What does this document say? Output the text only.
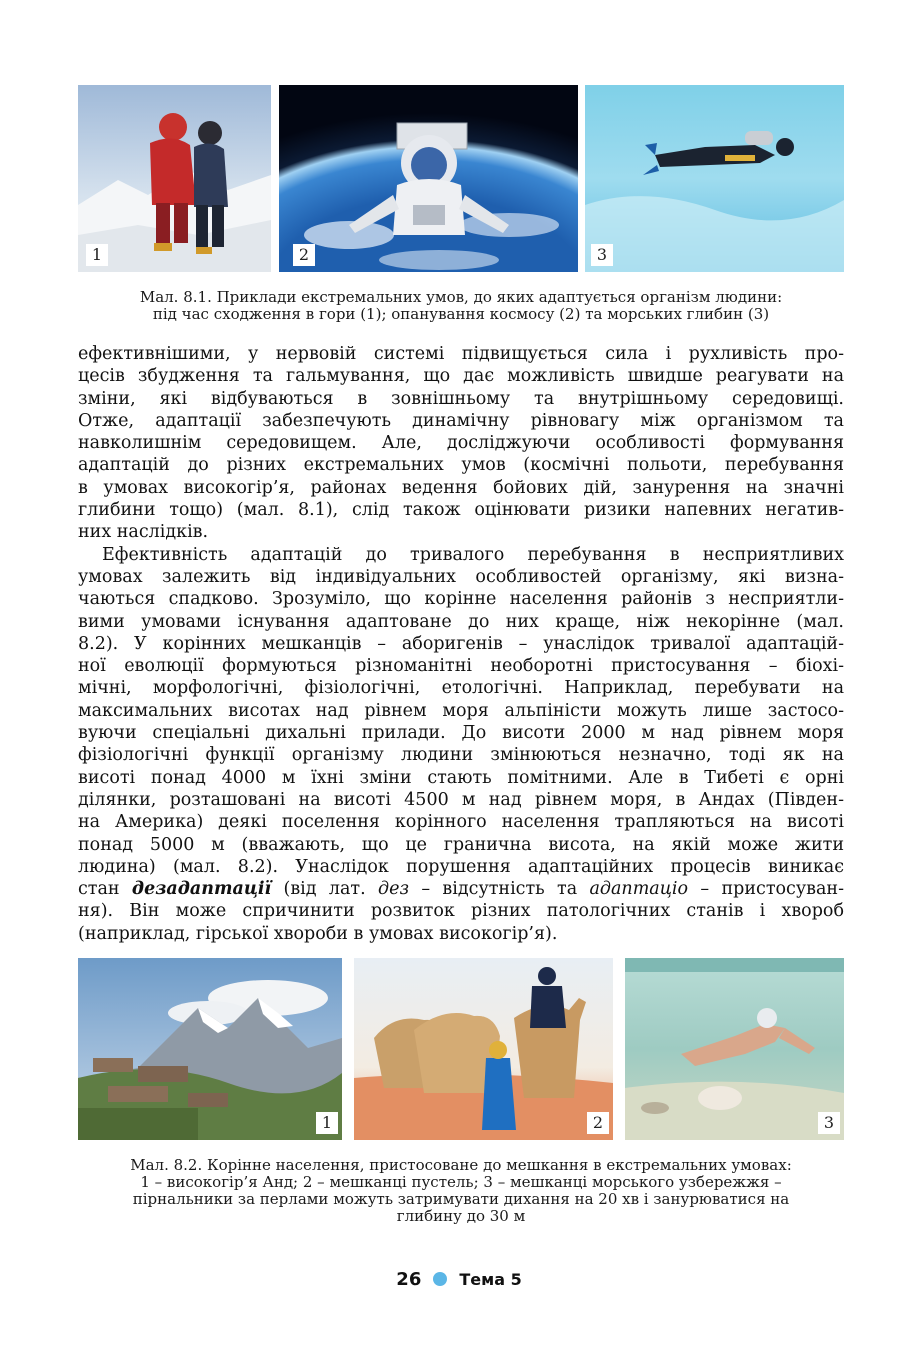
1	2	3
Мал. 8.1. Приклади екстремальних умов, до яких адаптується організм людини:
під час сходження в гори (1); опанування космосу (2) та морських глибин (3)

ефективнішими, у нервовій системі підвищується сила і рухливість про-
цесів збудження та гальмування, що дає можливість швидше реагувати на
зміни, які відбуваються в зовнішньому та внутрішньому середовищі.
Отже, адаптації забезпечують динамічну рівновагу між організмом та
навколишнім середовищем. Але, досліджуючи особливості формування
адаптацій до різних екстремальних умов (космічні польоти, перебування
в умовах високогір’я, районах ведення бойових дій, занурення на значні
глибини тощо) (мал. 8.1), слід також оцінювати ризики напевних негатив-
них наслідків.

Ефективність адаптацій до тривалого перебування в несприятливих
умовах залежить від індивідуальних особливостей організму, які визна-
чаються спадково. Зрозуміло, що корінне населення районів з несприятли-
вими умовами існування адаптоване до них краще, ніж некорінне (мал.
8.2). У корінних мешканців – аборигенів – унаслідок тривалої адаптацій-
ної еволюції формуються різноманітні необоротні пристосування – біохі-
мічні, морфологічні, фізіологічні, етологічні. Наприклад, перебувати на
максимальних висотах над рівнем моря альпіністи можуть лише застосо-
вуючи спеціальні дихальні прилади. До висоти 2000 м над рівнем моря
фізіологічні функції організму людини змінюються незначно, тоді як на
висоті понад 4000 м їхні зміни стають помітними. Але в Тибеті є орні
ділянки, розташовані на висоті 4500 м над рівнем моря, в Андах (Півден-
на Америка) деякі поселення корінного населення трапляються на висоті
понад 5000 м (вважають, що це гранична висота, на якій може жити
людина) (мал. 8.2). Унаслідок порушення адаптаційних процесів виникає
стан дезадаптації (від лат. дез – відсутність та адаптаціо – пристосуван-
ня). Він може спричинити розвиток різних патологічних станів і хвороб
(наприклад, гірської хвороби в умовах високогір’я).

1	2	3
Мал. 8.2. Корінне населення, пристосоване до мешкання в екстремальних умовах:
1 – високогір’я Анд; 2 – мешканці пустель; 3 – мешканці морського узбережжя –
пірнальники за перлами можуть затримувати дихання на 20 хв і занурюватися на
глибину до 30 м
26 Тема 5
